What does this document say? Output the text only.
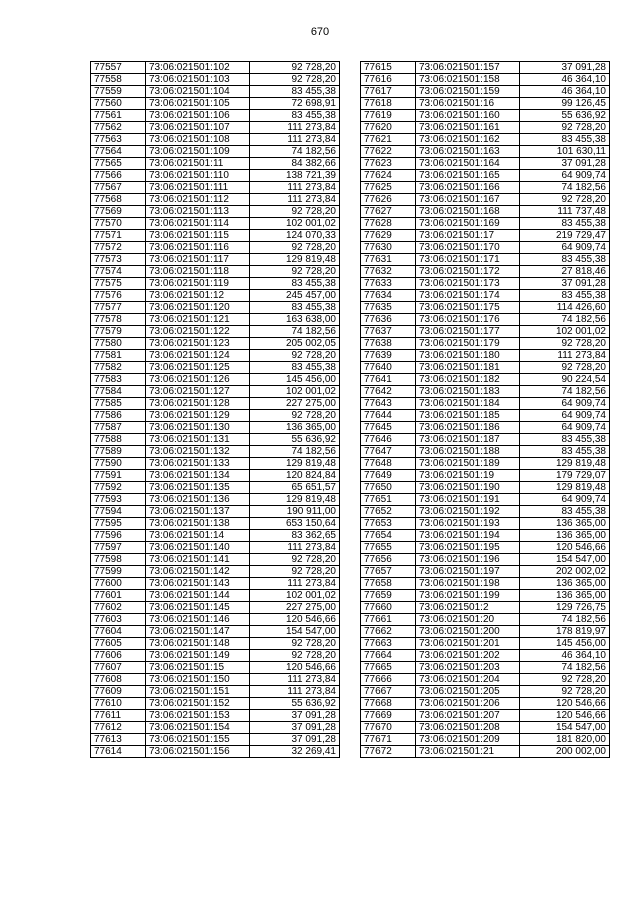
670
77557	73:06:021501:102	92 728,20
77558	73:06:021501:103	92 728,20
77559	73:06:021501:104	83 455,38
77560	73:06:021501:105	72 698,91
77561	73:06:021501:106	83 455,38
77562	73:06:021501:107	111 273,84
77563	73:06:021501:108	111 273,84
77564	73:06:021501:109	74 182,56
77565	73:06:021501:11	84 382,66
77566	73:06:021501:110	138 721,39
77567	73:06:021501:111	111 273,84
77568	73:06:021501:112	111 273,84
77569	73:06:021501:113	92 728,20
77570	73:06:021501:114	102 001,02
77571	73:06:021501:115	124 070,33
77572	73:06:021501:116	92 728,20
77573	73:06:021501:117	129 819,48
77574	73:06:021501:118	92 728,20
77575	73:06:021501:119	83 455,38
77576	73:06:021501:12	245 457,00
77577	73:06:021501:120	83 455,38
77578	73:06:021501:121	163 638,00
77579	73:06:021501:122	74 182,56
77580	73:06:021501:123	205 002,05
77581	73:06:021501:124	92 728,20
77582	73:06:021501:125	83 455,38
77583	73:06:021501:126	145 456,00
77584	73:06:021501:127	102 001,02
77585	73:06:021501:128	227 275,00
77586	73:06:021501:129	92 728,20
77587	73:06:021501:130	136 365,00
77588	73:06:021501:131	55 636,92
77589	73:06:021501:132	74 182,56
77590	73:06:021501:133	129 819,48
77591	73:06:021501:134	120 824,84
77592	73:06:021501:135	65 651,57
77593	73:06:021501:136	129 819,48
77594	73:06:021501:137	190 911,00
77595	73:06:021501:138	653 150,64
77596	73:06:021501:14	83 362,65
77597	73:06:021501:140	111 273,84
77598	73:06:021501:141	92 728,20
77599	73:06:021501:142	92 728,20
77600	73:06:021501:143	111 273,84
77601	73:06:021501:144	102 001,02
77602	73:06:021501:145	227 275,00
77603	73:06:021501:146	120 546,66
77604	73:06:021501:147	154 547,00
77605	73:06:021501:148	92 728,20
77606	73:06:021501:149	92 728,20
77607	73:06:021501:15	120 546,66
77608	73:06:021501:150	111 273,84
77609	73:06:021501:151	111 273,84
77610	73:06:021501:152	55 636,92
77611	73:06:021501:153	37 091,28
77612	73:06:021501:154	37 091,28
77613	73:06:021501:155	37 091,28
77614	73:06:021501:156	32 269,41
77615	73:06:021501:157	37 091,28
77616	73:06:021501:158	46 364,10
77617	73:06:021501:159	46 364,10
77618	73:06:021501:16	99 126,45
77619	73:06:021501:160	55 636,92
77620	73:06:021501:161	92 728,20
77621	73:06:021501:162	83 455,38
77622	73:06:021501:163	101 630,11
77623	73:06:021501:164	37 091,28
77624	73:06:021501:165	64 909,74
77625	73:06:021501:166	74 182,56
77626	73:06:021501:167	92 728,20
77627	73:06:021501:168	111 737,48
77628	73:06:021501:169	83 455,38
77629	73:06:021501:17	219 729,47
77630	73:06:021501:170	64 909,74
77631	73:06:021501:171	83 455,38
77632	73:06:021501:172	27 818,46
77633	73:06:021501:173	37 091,28
77634	73:06:021501:174	83 455,38
77635	73:06:021501:175	114 426,60
77636	73:06:021501:176	74 182,56
77637	73:06:021501:177	102 001,02
77638	73:06:021501:179	92 728,20
77639	73:06:021501:180	111 273,84
77640	73:06:021501:181	92 728,20
77641	73:06:021501:182	90 224,54
77642	73:06:021501:183	74 182,56
77643	73:06:021501:184	64 909,74
77644	73:06:021501:185	64 909,74
77645	73:06:021501:186	64 909,74
77646	73:06:021501:187	83 455,38
77647	73:06:021501:188	83 455,38
77648	73:06:021501:189	129 819,48
77649	73:06:021501:19	179 729,07
77650	73:06:021501:190	129 819,48
77651	73:06:021501:191	64 909,74
77652	73:06:021501:192	83 455,38
77653	73:06:021501:193	136 365,00
77654	73:06:021501:194	136 365,00
77655	73:06:021501:195	120 546,66
77656	73:06:021501:196	154 547,00
77657	73:06:021501:197	202 002,02
77658	73:06:021501:198	136 365,00
77659	73:06:021501:199	136 365,00
77660	73:06:021501:2	129 726,75
77661	73:06:021501:20	74 182,56
77662	73:06:021501:200	178 819,97
77663	73:06:021501:201	145 456,00
77664	73:06:021501:202	46 364,10
77665	73:06:021501:203	74 182,56
77666	73:06:021501:204	92 728,20
77667	73:06:021501:205	92 728,20
77668	73:06:021501:206	120 546,66
77669	73:06:021501:207	120 546,66
77670	73:06:021501:208	154 547,00
77671	73:06:021501:209	181 820,00
77672	73:06:021501:21	200 002,00
